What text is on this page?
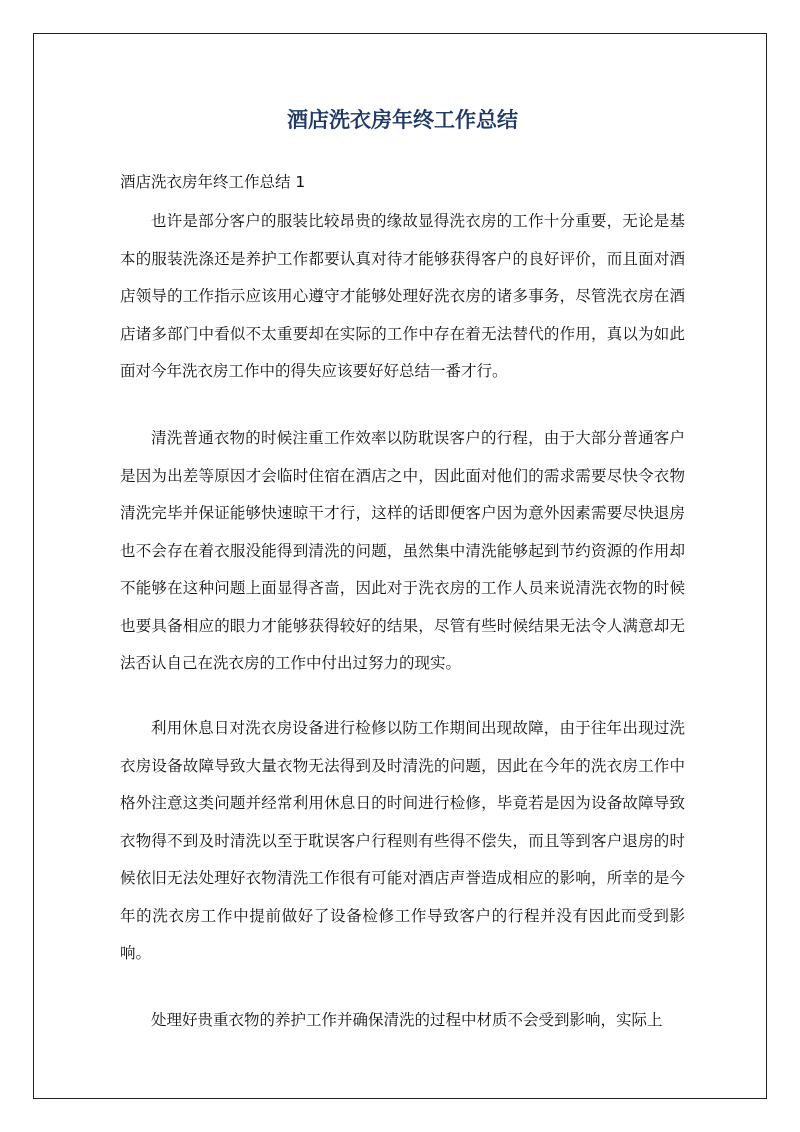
酒店洗衣房年终工作总结
酒店洗衣房年终工作总结 1

也许是部分客户的服装比较昂贵的缘故显得洗衣房的工作十分重要，无论是基本的服装洗涤还是养护工作都要认真对待才能够获得客户的良好评价，而且面对酒店领导的工作指示应该用心遵守才能够处理好洗衣房的诸多事务，尽管洗衣房在酒店诸多部门中看似不太重要却在实际的工作中存在着无法替代的作用，真以为如此面对今年洗衣房工作中的得失应该要好好总结一番才行。

清洗普通衣物的时候注重工作效率以防耽误客户的行程，由于大部分普通客户是因为出差等原因才会临时住宿在酒店之中，因此面对他们的需求需要尽快令衣物清洗完毕并保证能够快速晾干才行，这样的话即便客户因为意外因素需要尽快退房也不会存在着衣服没能得到清洗的问题，虽然集中清洗能够起到节约资源的作用却不能够在这种问题上面显得吝啬，因此对于洗衣房的工作人员来说清洗衣物的时候也要具备相应的眼力才能够获得较好的结果，尽管有些时候结果无法令人满意却无法否认自己在洗衣房的工作中付出过努力的现实。

利用休息日对洗衣房设备进行检修以防工作期间出现故障，由于往年出现过洗衣房设备故障导致大量衣物无法得到及时清洗的问题，因此在今年的洗衣房工作中格外注意这类问题并经常利用休息日的时间进行检修，毕竟若是因为设备故障导致衣物得不到及时清洗以至于耽误客户行程则有些得不偿失，而且等到客户退房的时候依旧无法处理好衣物清洗工作很有可能对酒店声誉造成相应的影响，所幸的是今年的洗衣房工作中提前做好了设备检修工作导致客户的行程并没有因此而受到影响。

处理好贵重衣物的养护工作并确保清洗的过程中材质不会受到影响，实际上
